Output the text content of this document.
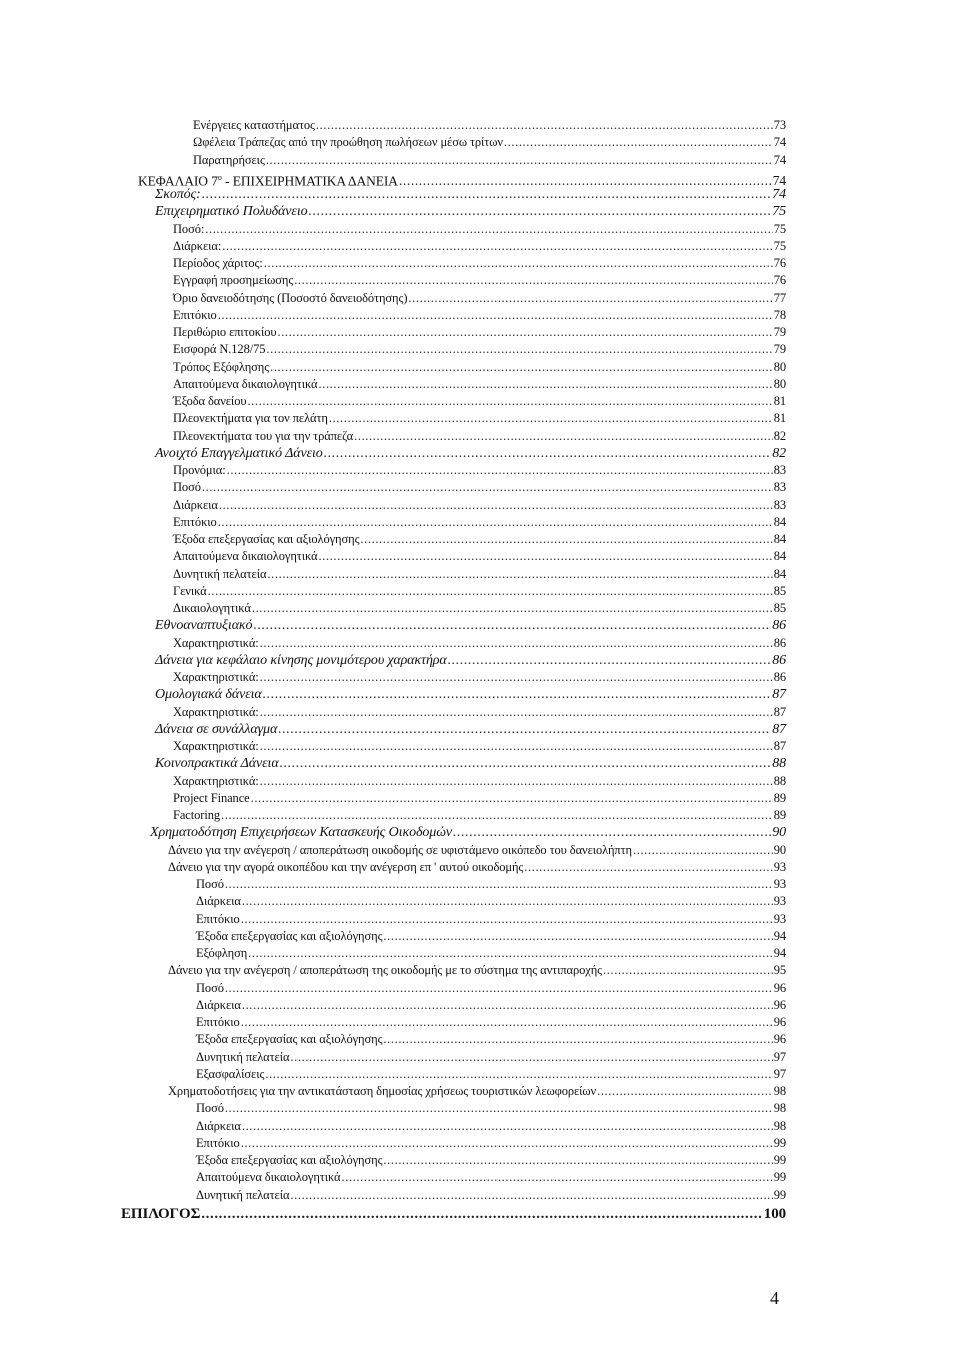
Ενέργειες καταστήματος .....	73
Ωφέλεια Τράπεζας από την προώθηση πωλήσεων μέσω τρίτων .....	74
Παρατηρήσεις .....	74
ΚΕΦΑΛΑΙΟ $7^o$ - ΕΠΙΧΕΙΡΗΜΑΤΙΚΑ ΔΑΝΕΙΑ .....	74
Σκοπός: .....	74
Επιχειρηματικό Πολυδάνειο .....	75
Ποσό: .....	75
Διάρκεια: .....	75
Περίοδος χάριτος: .....	76
Εγγραφή προσημείωσης .....	76
Όριο δανειοδότησης (Ποσοστό δανειοδότησης) .....	77
Επιτόκιο .....	78
Περιθώριο επιτοκίου .....	79
Εισφορά Ν.128/75 .....	79
Τρόπος Εξόφλησης .....	80
Απαιτούμενα δικαιολογητικά .....	80
Έξοδα δανείου .....	81
Πλεονεκτήματα για τον πελάτη .....	81
Πλεονεκτήματα του για την τράπεζα .....	82
Ανοιχτό Επαγγελματικό Δάνειο .....	82
Προνόμια: .....	83
Ποσό .....	83
Διάρκεια .....	83
Επιτόκιο .....	84
Έξοδα επεξεργασίας και αξιολόγησης .....	84
Απαιτούμενα δικαιολογητικά .....	84
Δυνητική πελατεία .....	84
Γενικά .....	85
Δικαιολογητικά .....	85
Εθνοαναπτυξιακό .....	86
Χαρακτηριστικά: .....	86
Δάνεια για κεφάλαιο κίνησης μονιμότερου χαρακτήρα .....	86
Χαρακτηριστικά: .....	86
Ομολογιακά δάνεια .....	87
Χαρακτηριστικά: .....	87
Δάνεια σε συνάλλαγμα .....	87
Χαρακτηριστικά: .....	87
Κοινοπρακτικά Δάνεια .....	88
Χαρακτηριστικά: .....	88
Project Finance .....	89
Factoring .....	89
Χρηματοδότηση Επιχειρήσεων Κατασκευής Οικοδομών .....	90
Δάνειο για την ανέγερση / αποπεράτωση οικοδομής σε υφιστάμενο οικόπεδο του δανειολήπτη .....	90
Δάνειο για την αγορά οικοπέδου και την ανέγερση επ ' αυτού οικοδομής .....	93
Ποσό .....	93
Διάρκεια .....	93
Επιτόκιο .....	93
Έξοδα επεξεργασίας και αξιολόγησης .....	94
Εξόφληση .....	94
Δάνειο για την ανέγερση / αποπεράτωση της οικοδομής με το σύστημα της αντιπαροχής .....	95
Ποσό .....	96
Διάρκεια .....	96
Επιτόκιο .....	96
Έξοδα επεξεργασίας και αξιολόγησης .....	96
Δυνητική πελατεία .....	97
Εξασφαλίσεις .....	97
Χρηματοδοτήσεις για την αντικατάσταση δημοσίας χρήσεως τουριστικών λεωφορείων .....	98
Ποσό .....	98
Διάρκεια .....	98
Επιτόκιο .....	99
Έξοδα επεξεργασίας και αξιολόγησης .....	99
Απαιτούμενα δικαιολογητικά .....	99
Δυνητική πελατεία .....	99
ΕΠΙΛΟΓΟΣ .....	100
4
